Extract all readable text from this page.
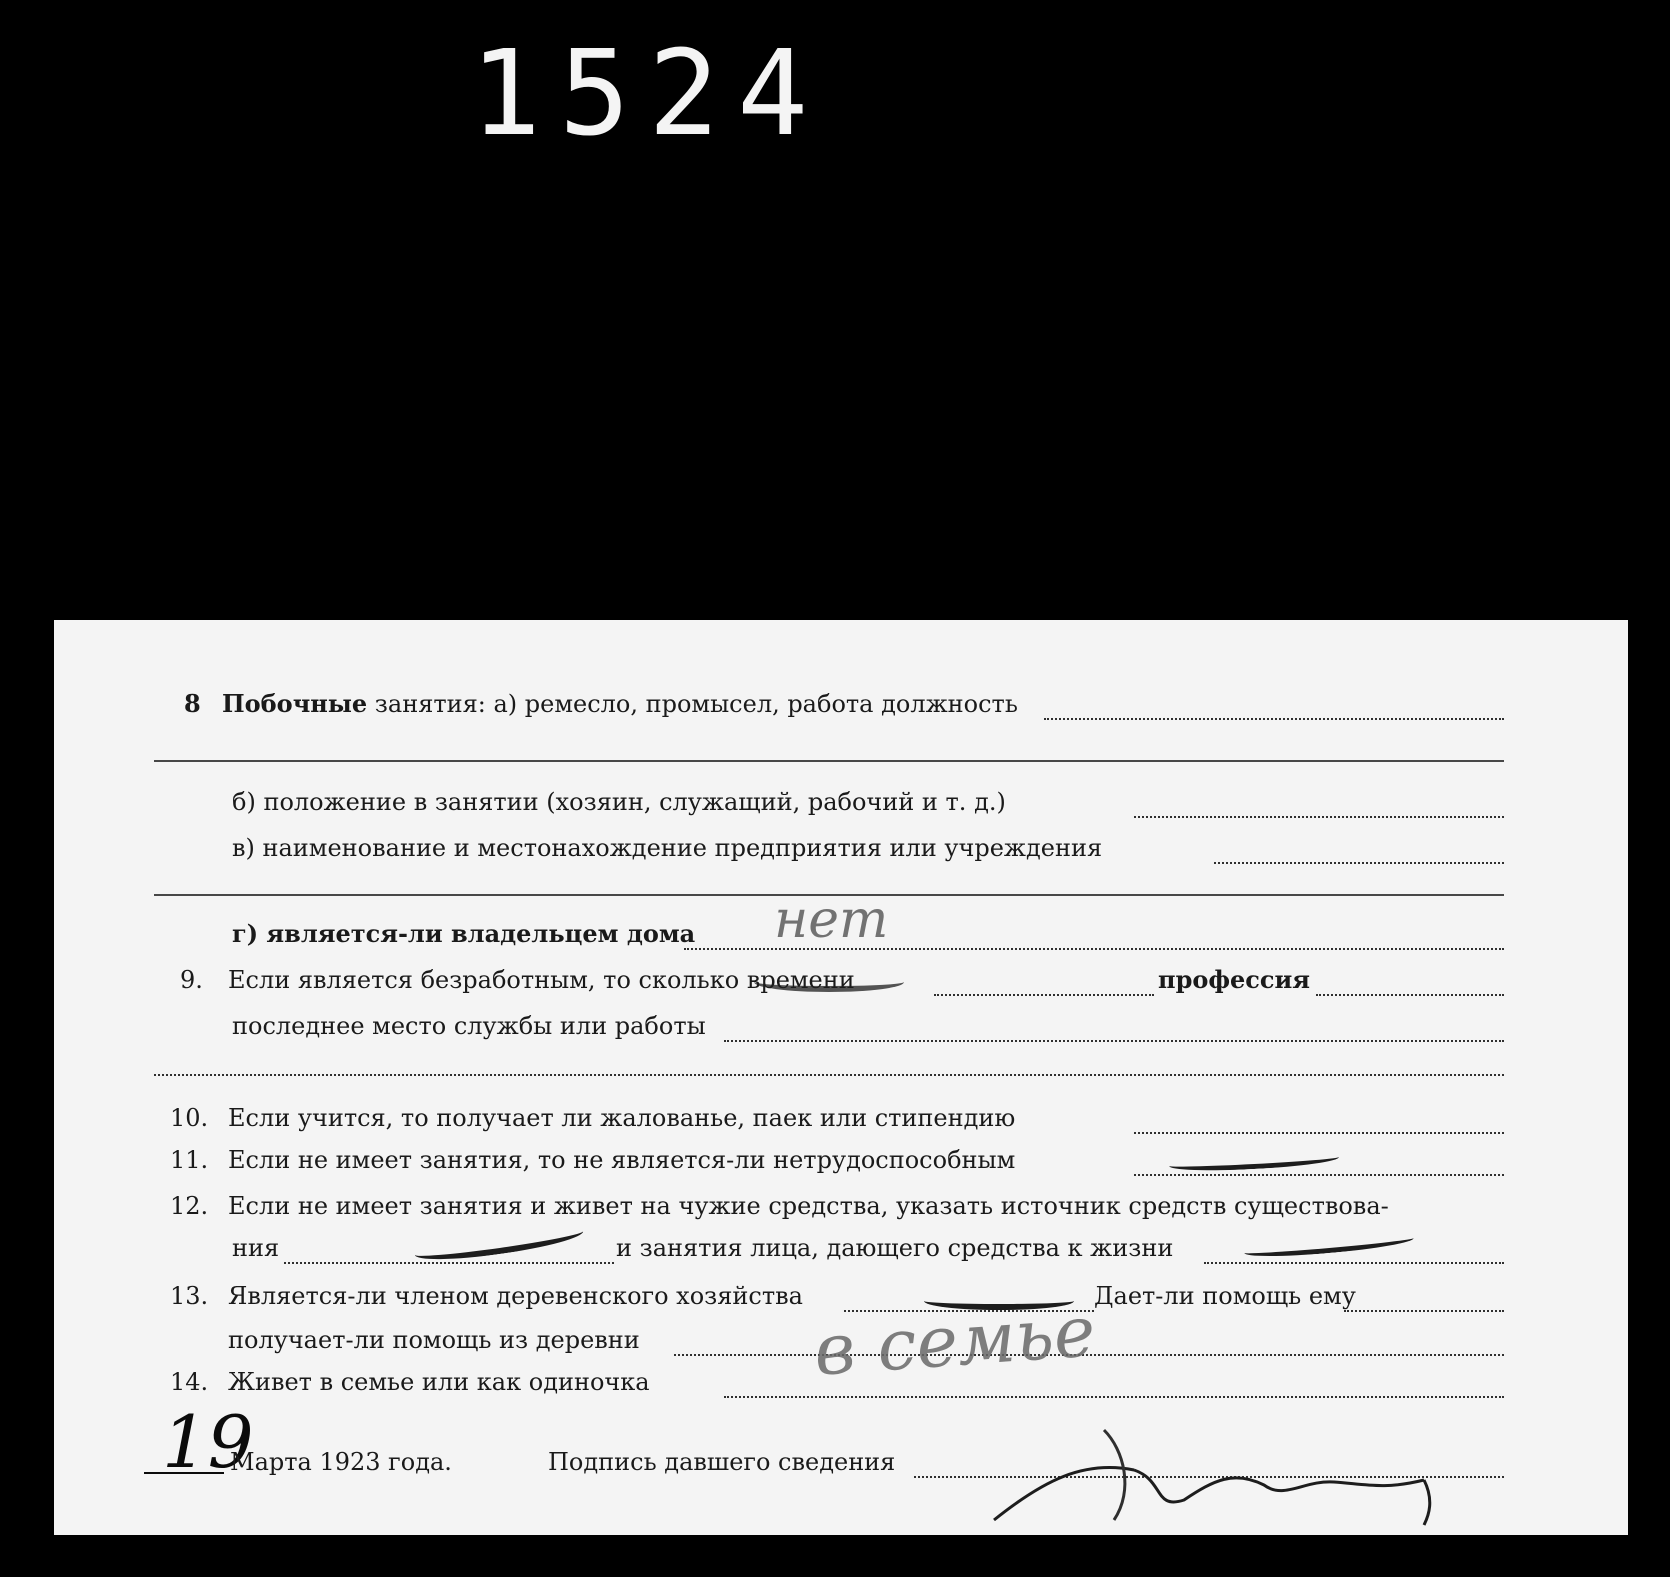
1524
8 Побочные занятия: а) ремесло, промысел, работа должность
б) положение в занятии (хозяин, служащий, рабочий и т. д.)
в) наименование и местонахождение предприятия или учреждения
г) является-ли владельцем дома нет
9. Если является безработным, то сколько времени	профессия
последнее место службы или работы
10. Если учится, то получает ли жалованье, паек или стипендию
11. Если не имеет занятия, то не является-ли нетрудоспособным
12. Если не имеет занятия и живет на чужие средства, указать источник средств существова-
ния	и занятия лица, дающего средства к жизни
13. Является-ли членом деревенского хозяйства	Дает-ли помощь ему
получает-ли помощь из деревни
14. Живет в семье или как одиночка в семье
19
Марта 1923 года.	Подпись давшего сведения
